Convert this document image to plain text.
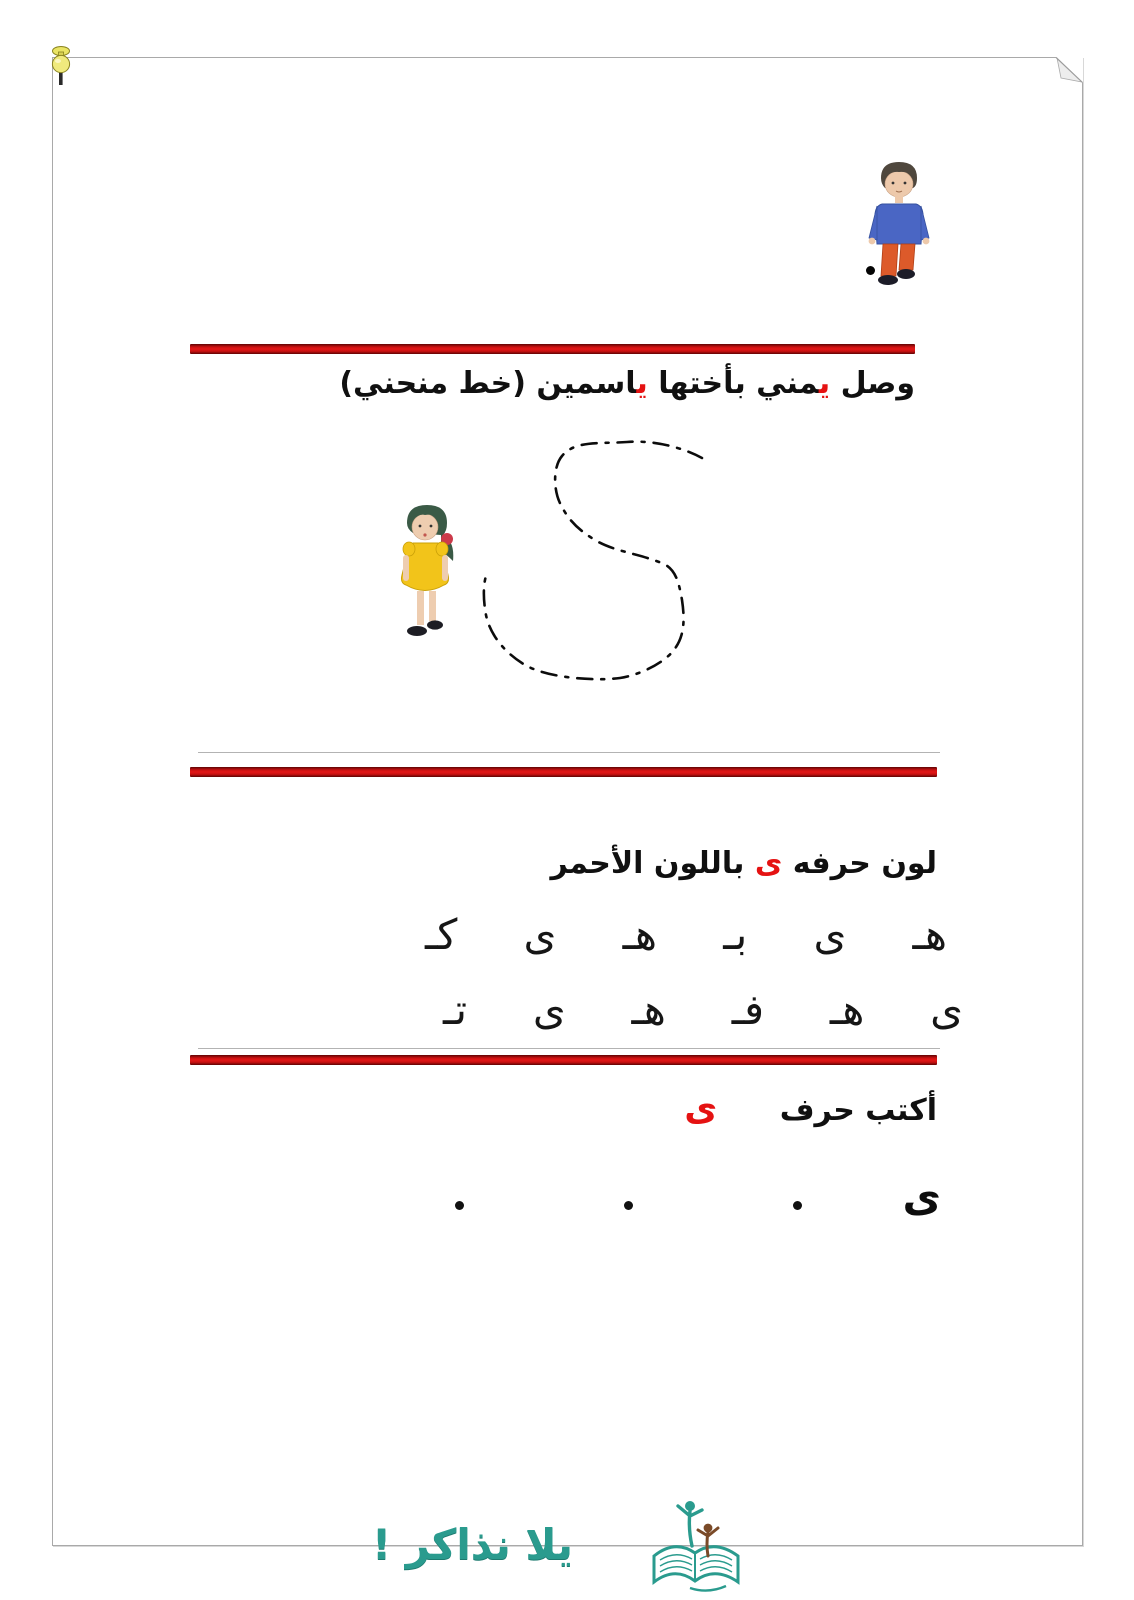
وصل يمني بأختها ياسمين (خط منحني)
لون حرفه ى باللون الأحمر
هـ
ى
بـ
هـ
ى
كـ
ى
هـ
فـ
هـ
ى
تـ
أكتب حرف ى
ى
يلا نذاكر !
